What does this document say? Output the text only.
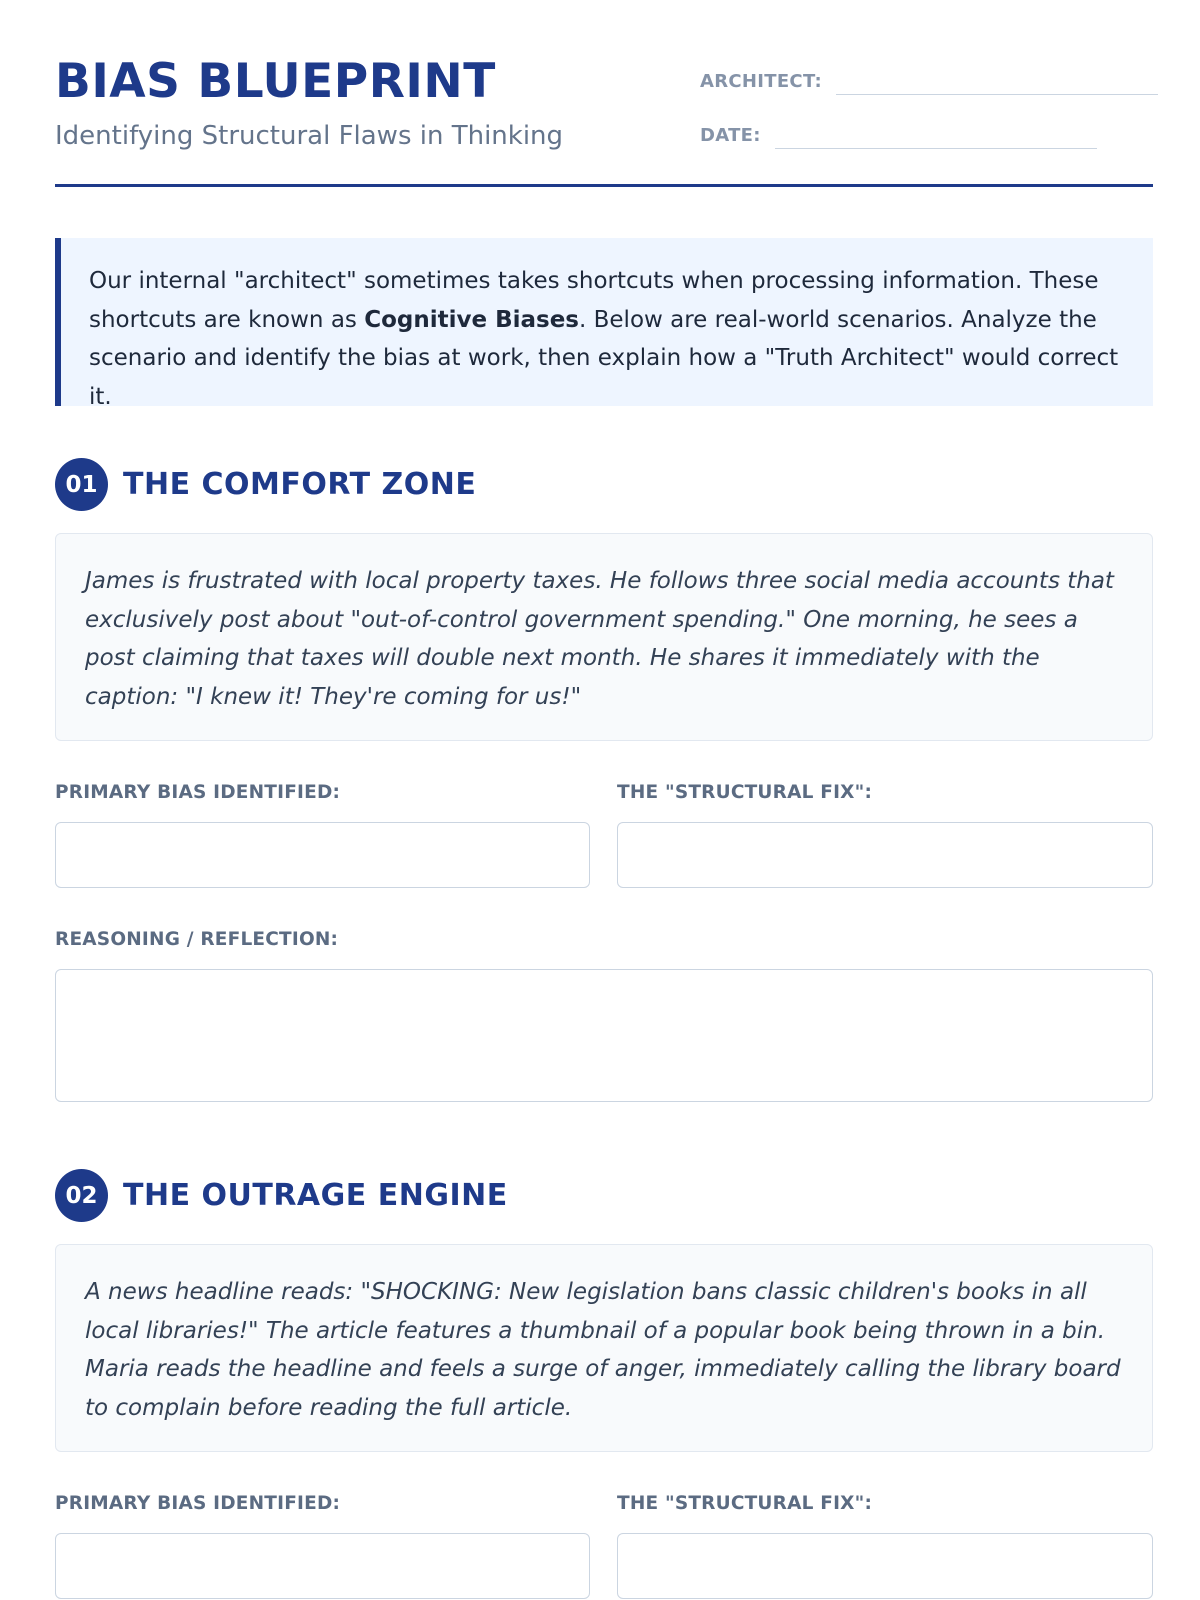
BIAS BLUEPRINT
Identifying Structural Flaws in Thinking
ARCHITECT:
DATE:
Our internal "architect" sometimes takes shortcuts when processing information. These shortcuts are known as Cognitive Biases. Below are real-world scenarios. Analyze the scenario and identify the bias at work, then explain how a "Truth Architect" would correct it.
01 THE COMFORT ZONE
James is frustrated with local property taxes. He follows three social media accounts that exclusively post about "out-of-control government spending." One morning, he sees a post claiming that taxes will double next month. He shares it immediately with the caption: "I knew it! They're coming for us!"
PRIMARY BIAS IDENTIFIED:	THE "STRUCTURAL FIX":
REASONING / REFLECTION:
02 THE OUTRAGE ENGINE
A news headline reads: "SHOCKING: New legislation bans classic children's books in all local libraries!" The article features a thumbnail of a popular book being thrown in a bin. Maria reads the headline and feels a surge of anger, immediately calling the library board to complain before reading the full article.
PRIMARY BIAS IDENTIFIED:	THE "STRUCTURAL FIX":
